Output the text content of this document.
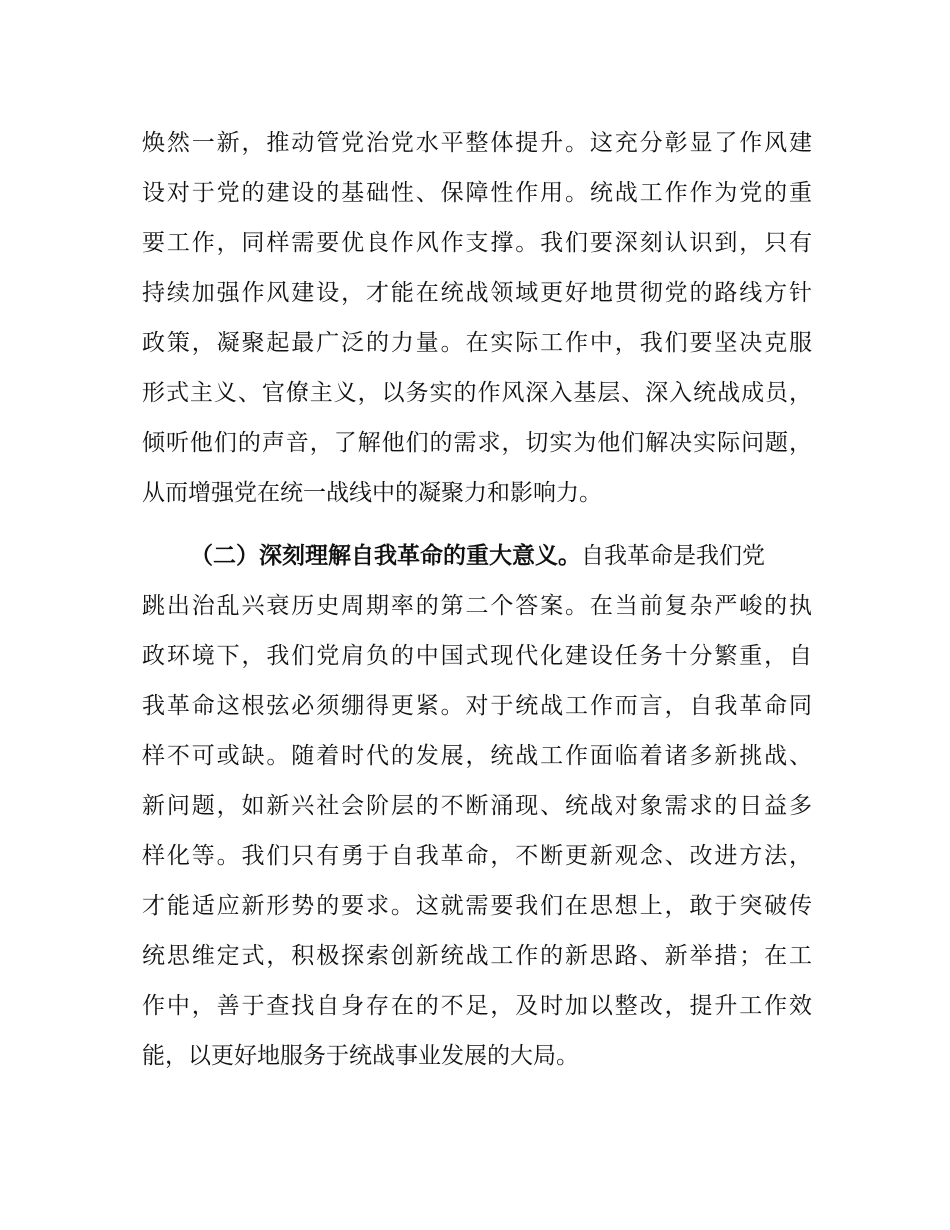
焕然一新，推动管党治党水平整体提升。这充分彰显了作风建
设对于党的建设的基础性、保障性作用。统战工作作为党的重
要工作，同样需要优良作风作支撑。我们要深刻认识到，只有
持续加强作风建设，才能在统战领域更好地贯彻党的路线方针
政策，凝聚起最广泛的力量。在实际工作中，我们要坚决克服
形式主义、官僚主义，以务实的作风深入基层、深入统战成员，
倾听他们的声音，了解他们的需求，切实为他们解决实际问题，
从而增强党在统一战线中的凝聚力和影响力。
（二）深刻理解自我革命的重大意义。自我革命是我们党
跳出治乱兴衰历史周期率的第二个答案。在当前复杂严峻的执
政环境下，我们党肩负的中国式现代化建设任务十分繁重，自
我革命这根弦必须绷得更紧。对于统战工作而言，自我革命同
样不可或缺。随着时代的发展，统战工作面临着诸多新挑战、
新问题，如新兴社会阶层的不断涌现、统战对象需求的日益多
样化等。我们只有勇于自我革命，不断更新观念、改进方法，
才能适应新形势的要求。这就需要我们在思想上，敢于突破传
统思维定式，积极探索创新统战工作的新思路、新举措；在工
作中，善于查找自身存在的不足，及时加以整改，提升工作效
能，以更好地服务于统战事业发展的大局。
